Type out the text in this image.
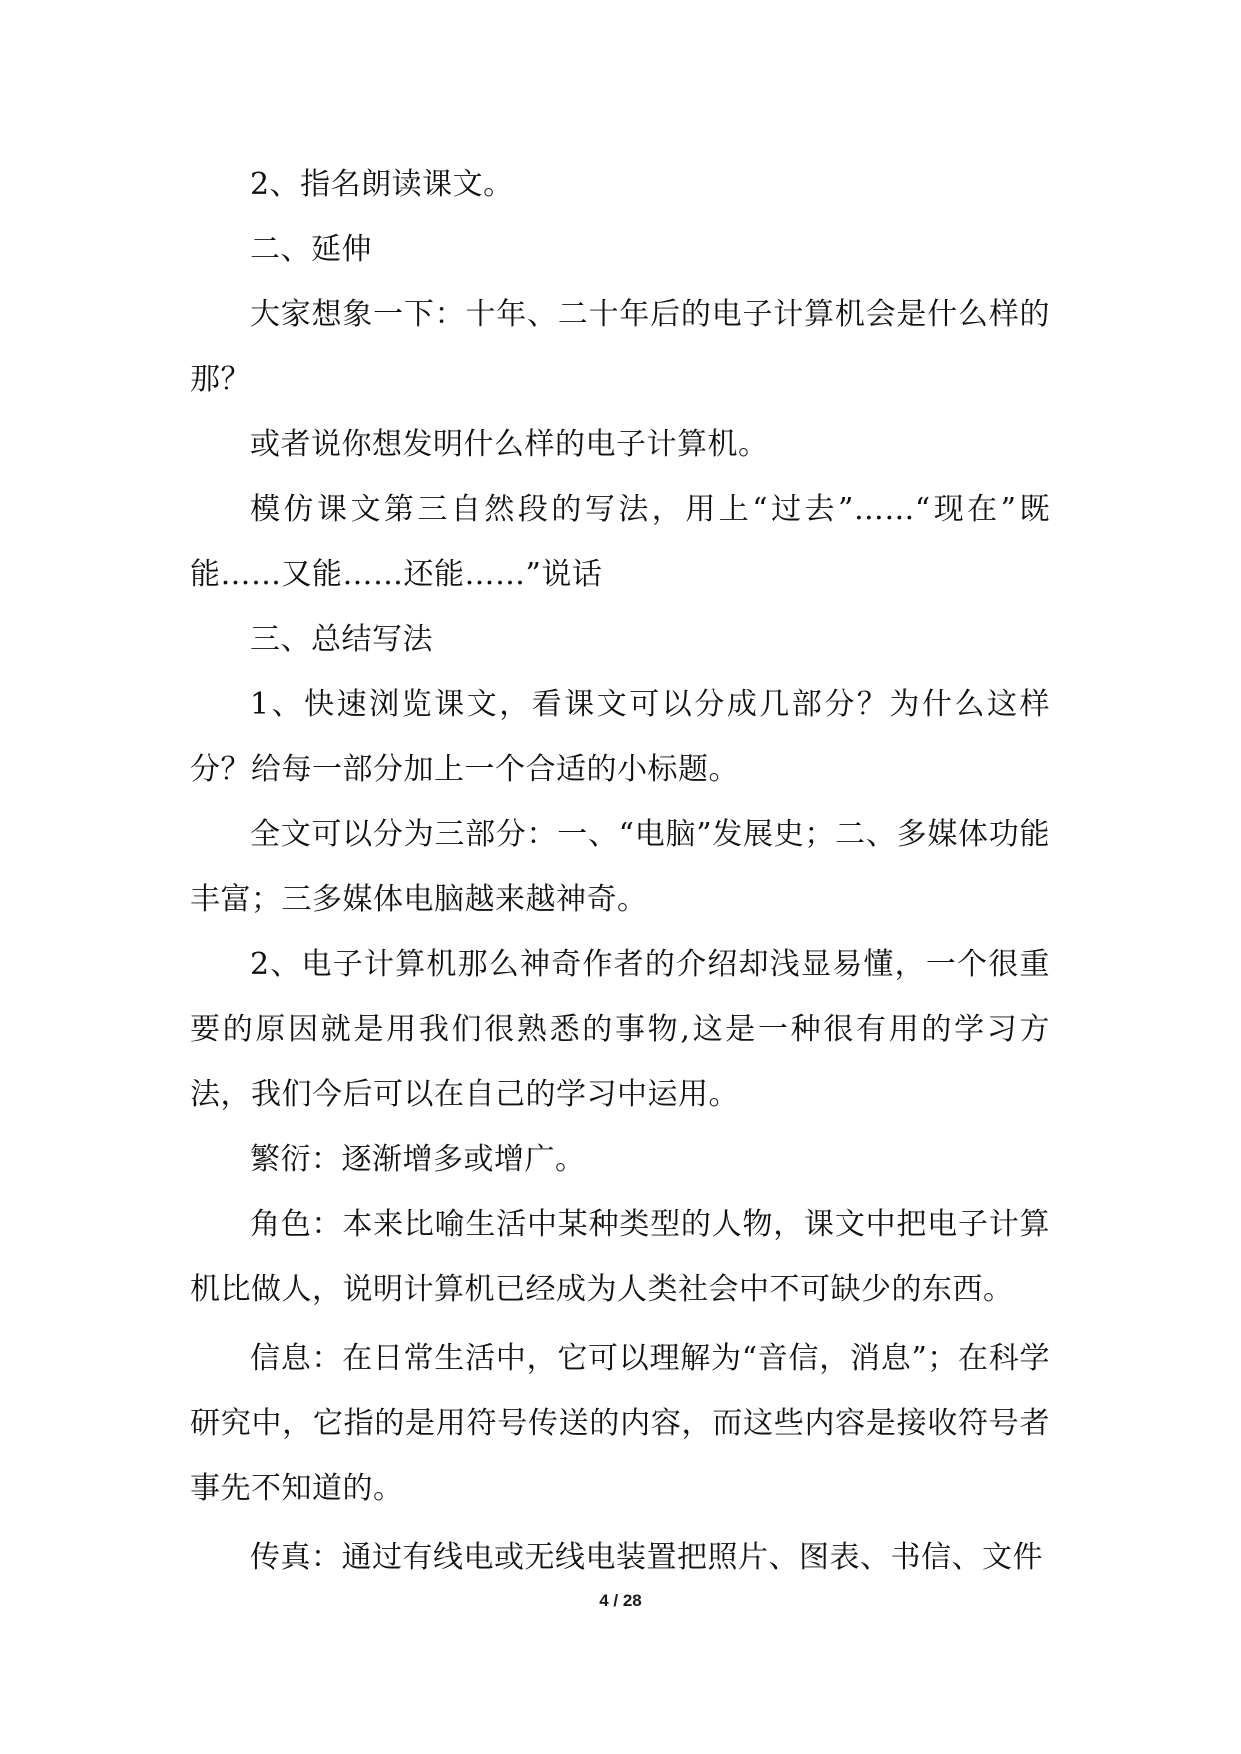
2、指名朗读课文。

二、延伸

大家想象一下：十年、二十年后的电子计算机会是什么样的那？

或者说你想发明什么样的电子计算机。

模仿课文第三自然段的写法，用上“过去”……“现在”既能……又能……还能……”说话

三、总结写法

1、快速浏览课文，看课文可以分成几部分？为什么这样分？给每一部分加上一个合适的小标题。

全文可以分为三部分：一、“电脑”发展史；二、多媒体功能丰富；三多媒体电脑越来越神奇。

2、电子计算机那么神奇作者的介绍却浅显易懂，一个很重要的原因就是用我们很熟悉的事物,这是一种很有用的学习方法，我们今后可以在自己的学习中运用。

繁衍：逐渐增多或增广。

角色：本来比喻生活中某种类型的人物，课文中把电子计算机比做人，说明计算机已经成为人类社会中不可缺少的东西。

信息：在日常生活中，它可以理解为“音信，消息”；在科学研究中，它指的是用符号传送的内容，而这些内容是接收符号者事先不知道的。

传真：通过有线电或无线电装置把照片、图表、书信、文件

4 / 28
